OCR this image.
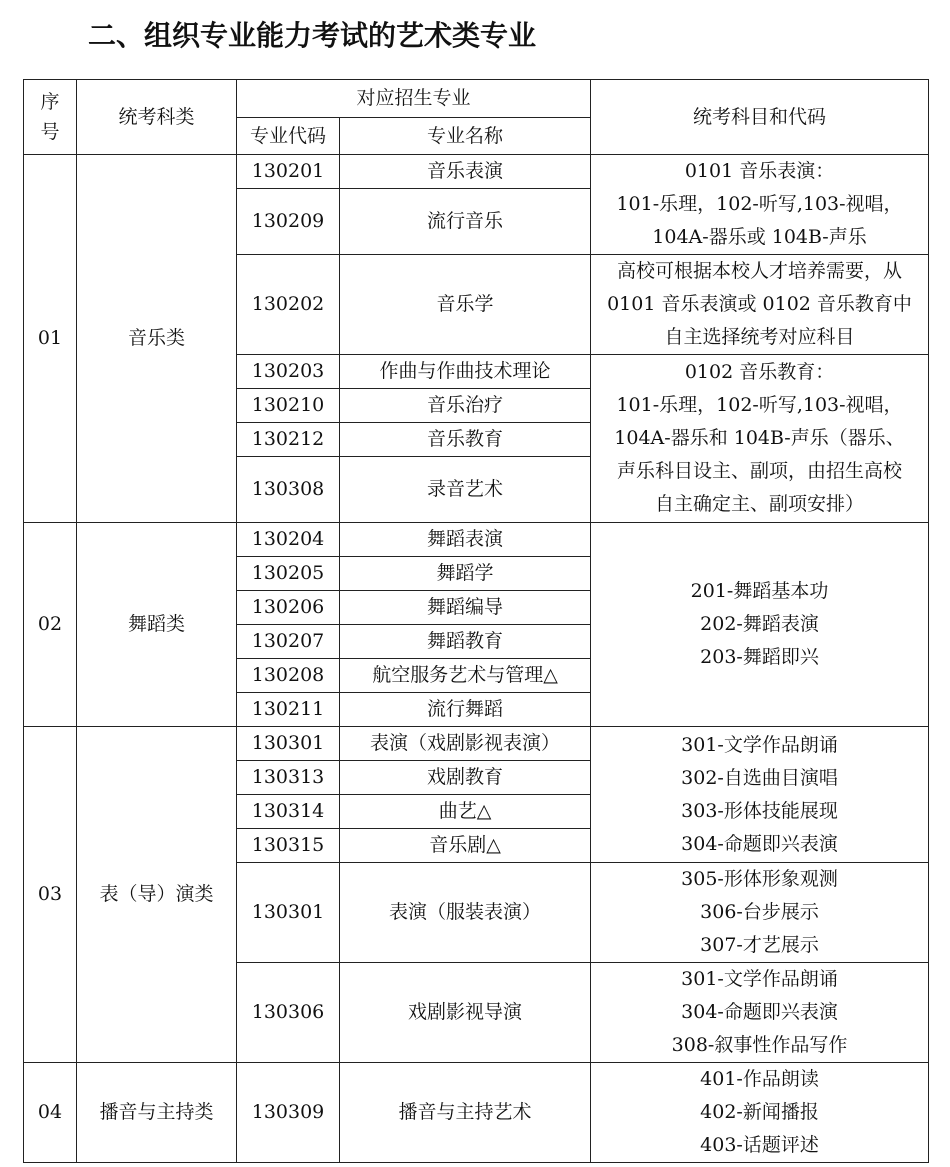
二、组织专业能力考试的艺术类专业
序号	统考科类	对应招生专业		统考科目和代码
		专业代码	专业名称	
01	音乐类	130201	音乐表演	0101 音乐表演：
101-乐理，102-听写,103-视唱，
104A-器乐或 104B-声乐

		130209	流行音乐	
		130202	音乐学	高校可根据本校人才培养需要，从
0101 音乐表演或 0102 音乐教育中
自主选择统考对应科目

		130203	作曲与作曲技术理论	0102 音乐教育：
101-乐理，102-听写,103-视唱，
104A-器乐和 104B-声乐（器乐、
声乐科目设主、副项，由招生高校
自主确定主、副项安排）

		130210	音乐治疗	
		130212	音乐教育	
		130308	录音艺术	
02	舞蹈类	130204	舞蹈表演	201-舞蹈基本功
202-舞蹈表演
203-舞蹈即兴

		130205	舞蹈学	
		130206	舞蹈编导	
		130207	舞蹈教育	
		130208	航空服务艺术与管理△	
		130211	流行舞蹈	
03	表（导）演类	130301	表演（戏剧影视表演）	301-文学作品朗诵
302-自选曲目演唱
303-形体技能展现
304-命题即兴表演

		130313	戏剧教育	
		130314	曲艺△	
		130315	音乐剧△	
		130301	表演（服装表演）	305-形体形象观测
306-台步展示
307-才艺展示

		130306	戏剧影视导演	301-文学作品朗诵
304-命题即兴表演
308-叙事性作品写作

04	播音与主持类	130309	播音与主持艺术	401-作品朗读
402-新闻播报
403-话题评述
